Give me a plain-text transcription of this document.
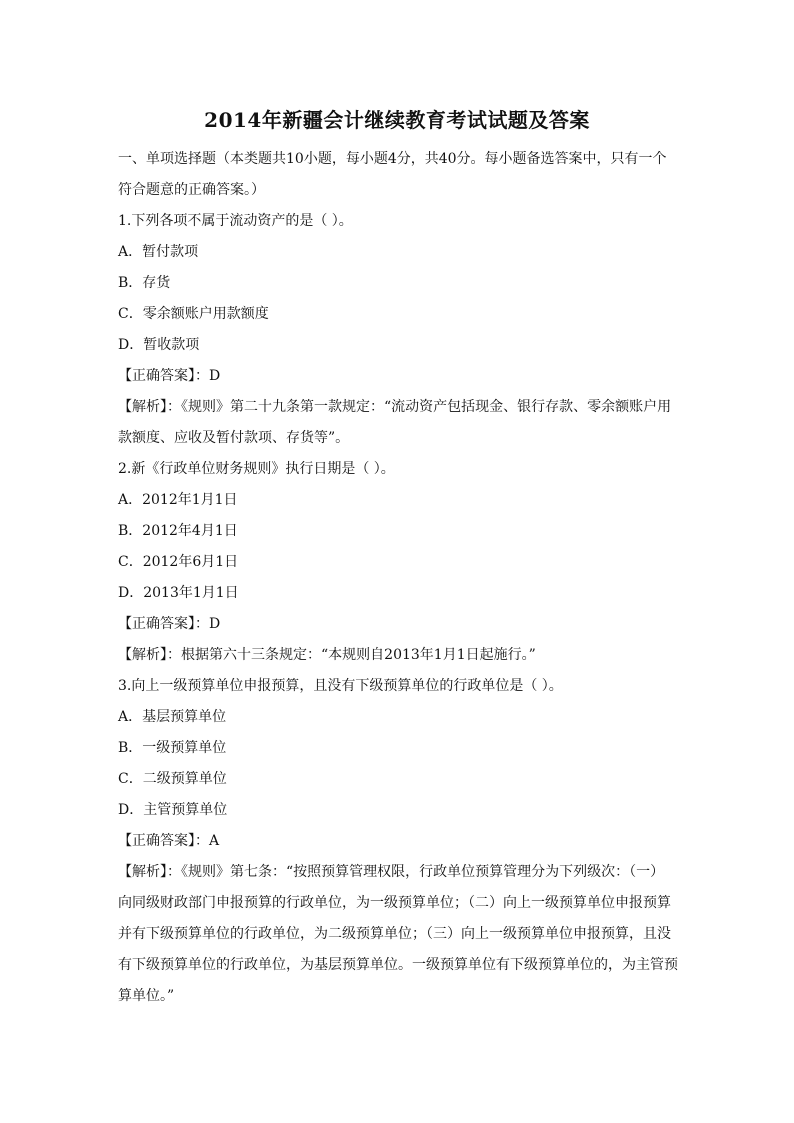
2014年新疆会计继续教育考试试题及答案

一、单项选择题（本类题共10小题，每小题4分，共40分。每小题备选答案中，只有一个符合题意的正确答案。）

1.下列各项不属于流动资产的是（ ）。

A．暂付款项

B．存货

C．零余额账户用款额度

D．暂收款项

【正确答案】：D

【解析】：《规则》第二十九条第一款规定：“流动资产包括现金、银行存款、零余额账户用款额度、应收及暂付款项、存货等”。

2.新《行政单位财务规则》执行日期是（ ）。

A．2012年1月1日

B．2012年4月1日

C．2012年6月1日

D．2013年1月1日

【正确答案】：D

【解析】：根据第六十三条规定：“本规则自2013年1月1日起施行。”

3.向上一级预算单位申报预算，且没有下级预算单位的行政单位是（ ）。

A．基层预算单位

B．一级预算单位

C．二级预算单位

D．主管预算单位

【正确答案】：A

【解析】：《规则》第七条：“按照预算管理权限，行政单位预算管理分为下列级次：（一）向同级财政部门申报预算的行政单位，为一级预算单位；（二）向上一级预算单位申报预算并有下级预算单位的行政单位，为二级预算单位；（三）向上一级预算单位申报预算，且没有下级预算单位的行政单位，为基层预算单位。一级预算单位有下级预算单位的，为主管预算单位。”
